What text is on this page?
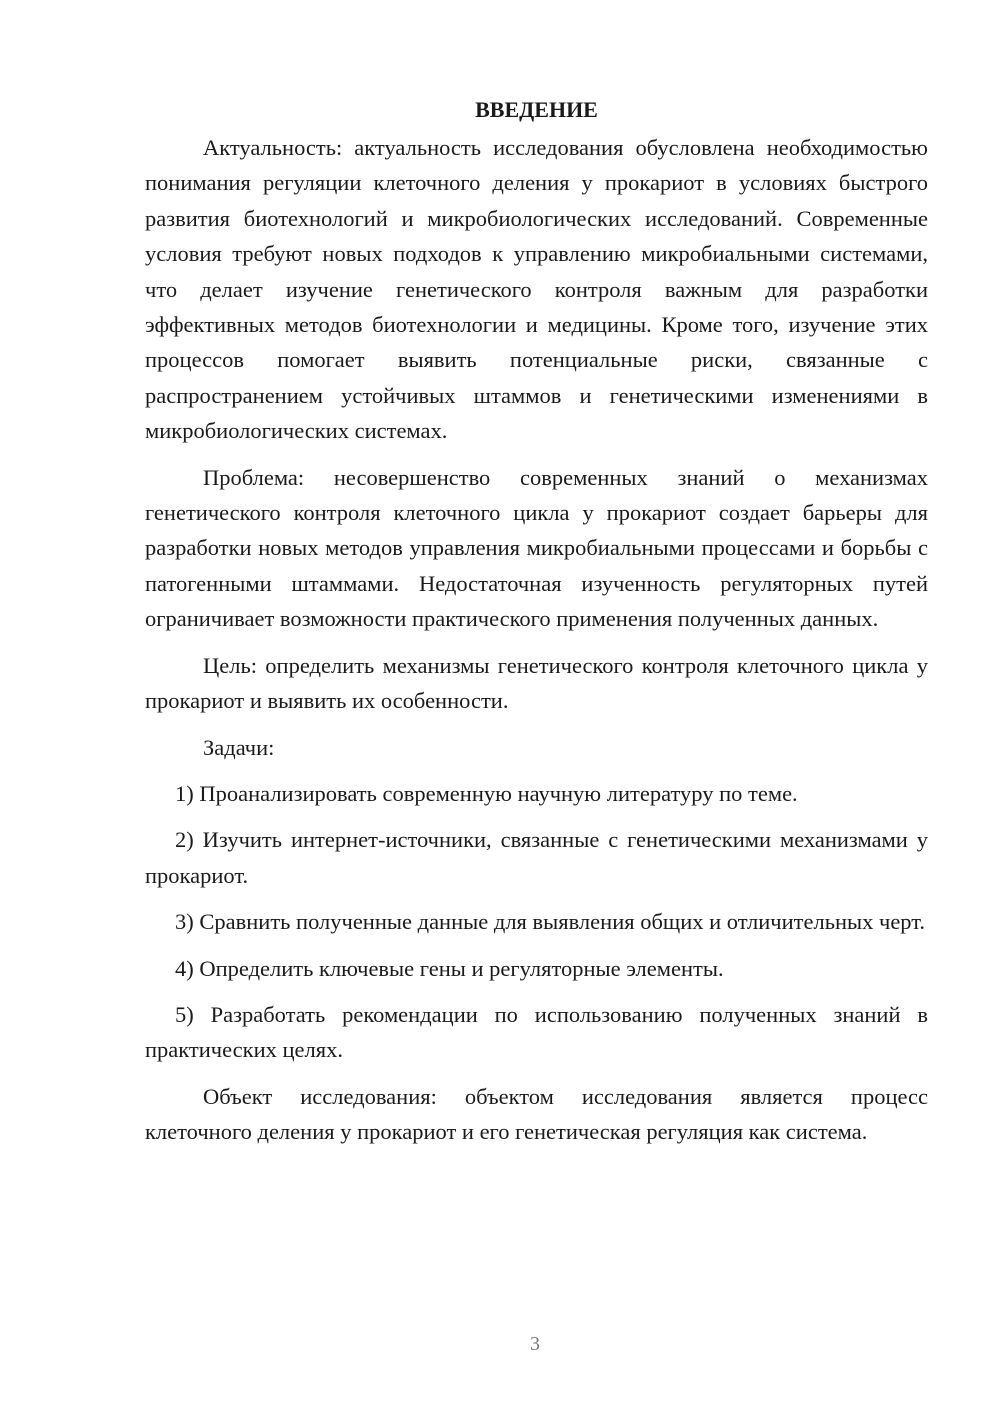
ВВЕДЕНИЕ

Актуальность: актуальность исследования обусловлена необходимостью понимания регуляции клеточного деления у прокариот в условиях быстрого развития биотехнологий и микробиологических исследований. Современные условия требуют новых подходов к управлению микробиальными системами, что делает изучение генетического контроля важным для разработки эффективных методов биотехнологии и медицины. Кроме того, изучение этих процессов помогает выявить потенциальные риски, связанные с распространением устойчивых штаммов и генетическими изменениями в микробиологических системах.

Проблема: несовершенство современных знаний о механизмах генетического контроля клеточного цикла у прокариот создает барьеры для разработки новых методов управления микробиальными процессами и борьбы с патогенными штаммами. Недостаточная изученность регуляторных путей ограничивает возможности практического применения полученных данных.

Цель: определить механизмы генетического контроля клеточного цикла у прокариот и выявить их особенности.

Задачи:

1) Проанализировать современную научную литературу по теме.

2) Изучить интернет-источники, связанные с генетическими механизмами у прокариот.

3) Сравнить полученные данные для выявления общих и отличительных черт.

4) Определить ключевые гены и регуляторные элементы.

5) Разработать рекомендации по использованию полученных знаний в практических целях.

Объект исследования: объектом исследования является процесс клеточного деления у прокариот и его генетическая регуляция как система.

3
